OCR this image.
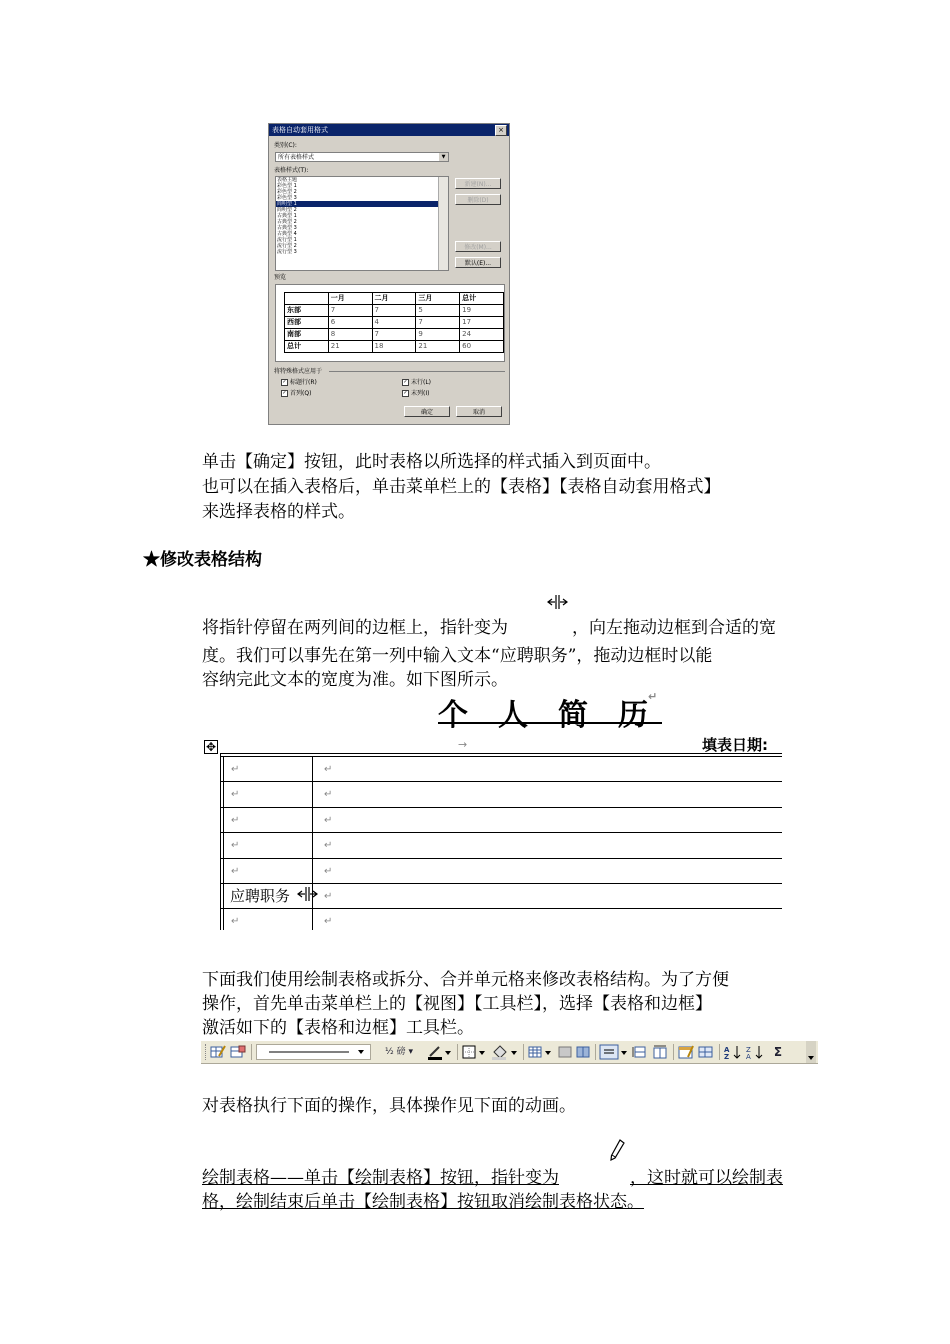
表格自动套用格式	×
类别(C):
所有表格样式	▼
表格样式(T):
表格主题
彩色型 1
彩色型 2
彩色型 3
简明型 1
简明型 2
古典型 1
古典型 2
古典型 3
古典型 4
流行型 1
流行型 2
流行型 3
新建(N)...
删除(D)
修改(M)...
默认(E)...
预览
	一月	二月	三月	总计
东部	7	7	5	19
西部	6	4	7	17
南部	8	7	9	24
总计	21	18	21	60
将特殊格式应用于
✓ 标题行(R)
✓ 首列(Q)
✓ 末行(L)
✓ 末列(I)
确定	取消
单击【确定】按钮，此时表格以所选择的样式插入到页面中。
也可以在插入表格后，单击菜单栏上的【表格】【表格自动套用格式】
来选择表格的样式。
★修改表格结构
将指针停留在两列间的边框上，指针变为	，向左拖动边框到合适的宽
度。我们可以事先在第一列中输入文本“应聘职务”，拖动边框时以能
容纳完此文本的宽度为准。如下图所示。
个 人 简 历
↵
✥	→	填表日期:
↵	↵
↵	↵
↵	↵
↵	↵
↵	↵
应聘职务	↵
↵	↵
下面我们使用绘制表格或拆分、合并单元格来修改表格结构。为了方便
操作，首先单击菜单栏上的【视图】【工具栏】，选择【表格和边框】
激活如下的【表格和边框】工具栏。
½ 磅 ▾	A
Z
Z
A	Σ
对表格执行下面的操作，具体操作见下面的动画。
绘制表格——单击【绘制表格】按钮，指针变为	，这时就可以绘制表
格，绘制结束后单击【绘制表格】按钮取消绘制表格状态。
